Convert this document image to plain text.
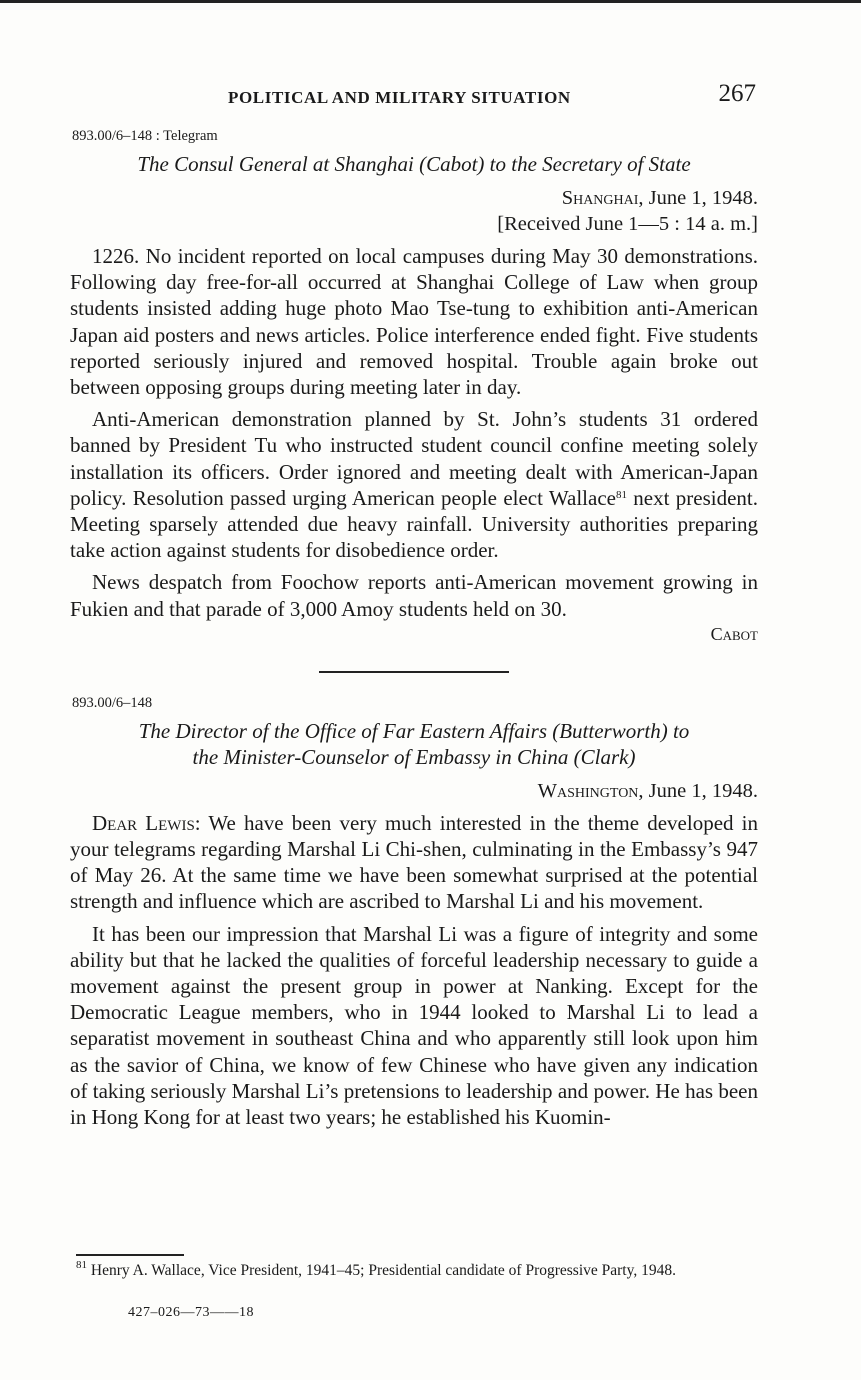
POLITICAL AND MILITARY SITUATION	267
893.00/6–148 : Telegram
The Consul General at Shanghai (Cabot) to the Secretary of State
Shanghai, June 1, 1948.
[Received June 1—5 : 14 a. m.]

1226. No incident reported on local campuses during May 30 demonstrations. Following day free-for-all occurred at Shanghai College of Law when group students insisted adding huge photo Mao Tse-tung to exhibition anti-American Japan aid posters and news articles. Police interference ended fight. Five students reported seriously injured and removed hospital. Trouble again broke out between opposing groups during meeting later in day.

Anti-American demonstration planned by St. John’s students 31 ordered banned by President Tu who instructed student council confine meeting solely installation its officers. Order ignored and meeting dealt with American-Japan policy. Resolution passed urging American people elect Wallace$^{81}$ next president. Meeting sparsely attended due heavy rainfall. University authorities preparing take action against students for disobedience order.

News despatch from Foochow reports anti-American movement growing in Fukien and that parade of 3,000 Amoy students held on 30.

Cabot
893.00/6–148
The Director of the Office of Far Eastern Affairs (Butterworth) to
the Minister-Counselor of Embassy in China (Clark)
Washington, June 1, 1948.

Dear Lewis: We have been very much interested in the theme developed in your telegrams regarding Marshal Li Chi-shen, culminating in the Embassy’s 947 of May 26. At the same time we have been somewhat surprised at the potential strength and influence which are ascribed to Marshal Li and his movement.

It has been our impression that Marshal Li was a figure of integrity and some ability but that he lacked the qualities of forceful leadership necessary to guide a movement against the present group in power at Nanking. Except for the Democratic League members, who in 1944 looked to Marshal Li to lead a separatist movement in southeast China and who apparently still look upon him as the savior of China, we know of few Chinese who have given any indication of taking seriously Marshal Li’s pretensions to leadership and power. He has been in Hong Kong for at least two years; he established his Kuomin-

$^{81}$ Henry A. Wallace, Vice President, 1941–45; Presidential candidate of Progressive Party, 1948.
427–026—73——18
